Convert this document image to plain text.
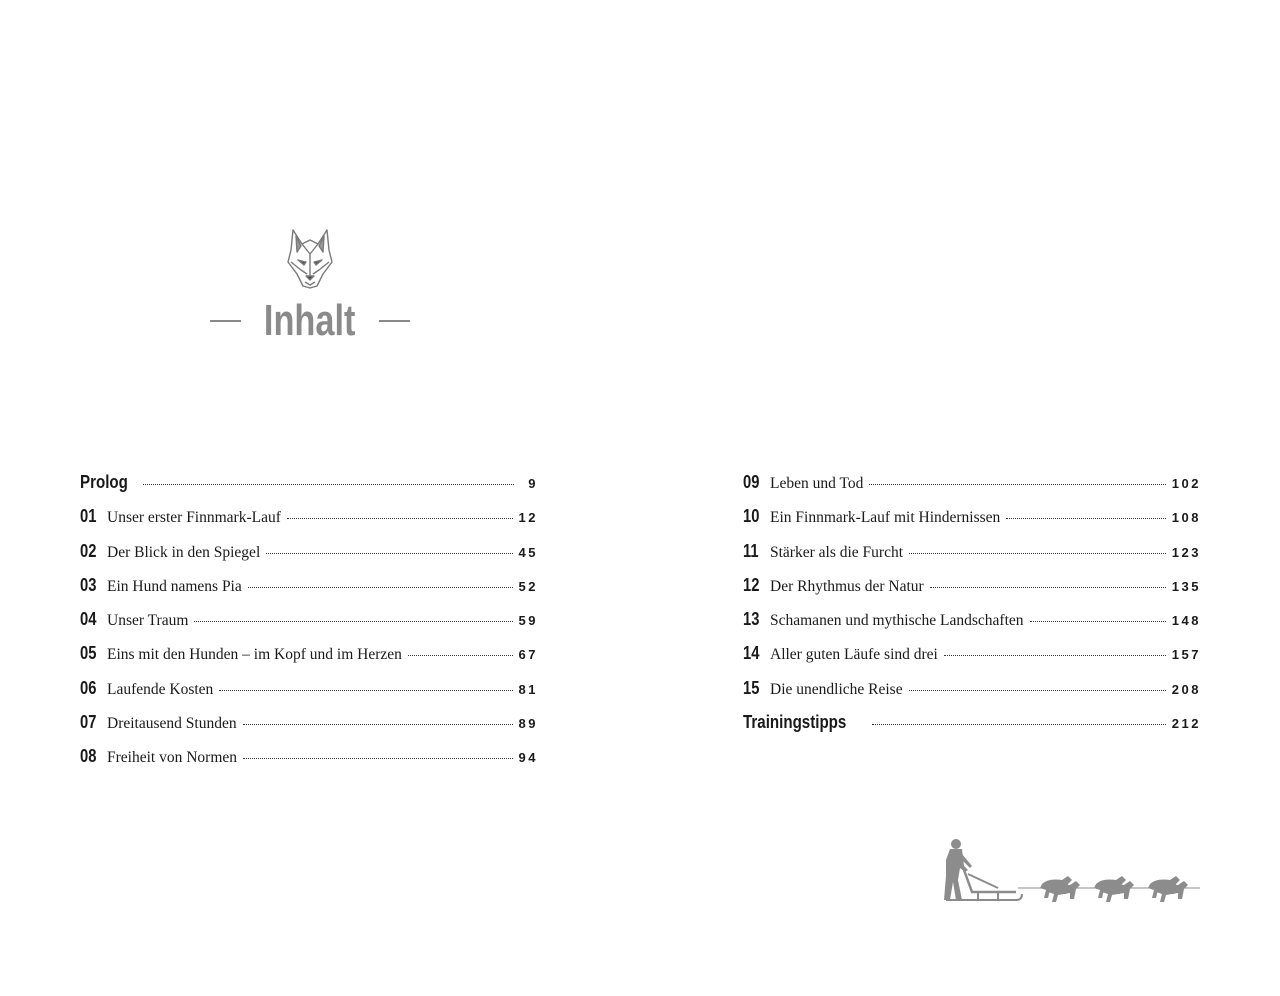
Inhalt
Prolog	9
01 Unser erster Finnmark-Lauf	12
02 Der Blick in den Spiegel	45
03 Ein Hund namens Pia	52
04 Unser Traum	59
05 Eins mit den Hunden – im Kopf und im Herzen	67
06 Laufende Kosten	81
07 Dreitausend Stunden	89
08 Freiheit von Normen	94
09 Leben und Tod	102
10 Ein Finnmark-Lauf mit Hindernissen	108
11 Stärker als die Furcht	123
12 Der Rhythmus der Natur	135
13 Schamanen und mythische Landschaften	148
14 Aller guten Läufe sind drei	157
15 Die unendliche Reise	208
Trainingstipps	212
